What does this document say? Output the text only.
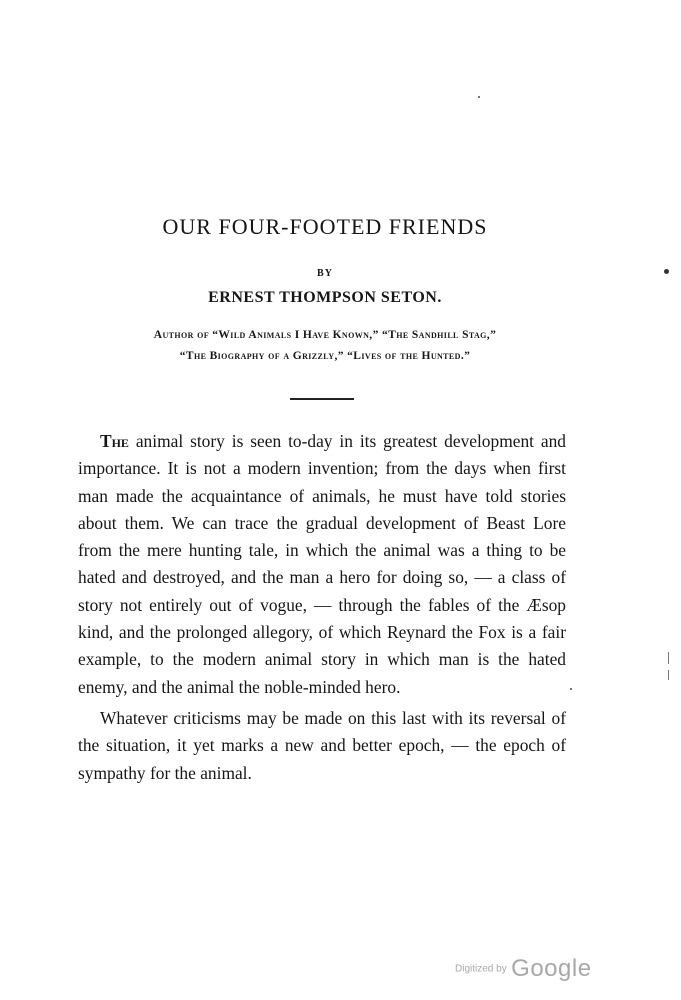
OUR FOUR-FOOTED FRIENDS
BY
ERNEST THOMPSON SETON.
Author of “Wild Animals I Have Known,” “The Sandhill Stag,”
“The Biography of a Grizzly,” “Lives of the Hunted.”

The animal story is seen to-day in its greatest development and importance. It is not a modern invention; from the days when first man made the acquaintance of animals, he must have told stories about them. We can trace the gradual development of Beast Lore from the mere hunting tale, in which the animal was a thing to be hated and destroyed, and the man a hero for doing so, — a class of story not entirely out of vogue, — through the fables of the Æsop kind, and the prolonged allegory, of which Reynard the Fox is a fair example, to the modern animal story in which man is the hated enemy, and the animal the noble-minded hero.

Whatever criticisms may be made on this last with its reversal of the situation, it yet marks a new and better epoch, — the epoch of sympathy for the animal.

Digitized by Google
